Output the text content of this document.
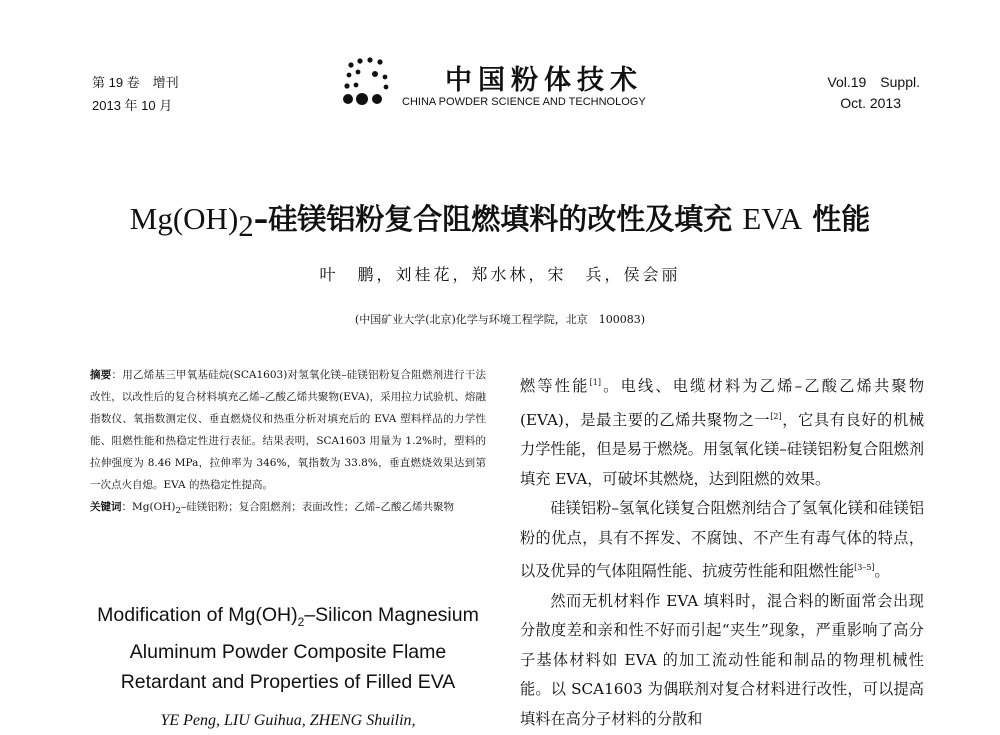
第 19 卷　增刊
2013 年 10 月
中国粉体技术
CHINA POWDER SCIENCE AND TECHNOLOGY
Vol.19　Suppl.
Oct. 2013
$Mg(OH)_2-$硅镁铝粉复合阻燃填料的改性及填充 EVA 性能
叶　鹏，刘桂花，郑水林，宋　兵，侯会丽
(中国矿业大学(北京)化学与环境工程学院，北京　100083)
摘要：用乙烯基三甲氧基硅烷(SCA1603)对氢氧化镁–硅镁铝粉复合阻燃剂进行干法改性，以改性后的复合材料填充乙烯–乙酸乙烯共聚物(EVA)，采用拉力试验机、熔融指数仪、氧指数测定仪、垂直燃烧仪和热重分析对填充后的 EVA 塑料样品的力学性能、阻燃性能和热稳定性进行表征。结果表明，SCA1603 用量为 1.2%时，塑料的拉伸强度为 8.46 MPa，拉伸率为 346%，氧指数为 33.8%，垂直燃烧效果达到第一次点火自熄。EVA 的热稳定性提高。
关键词：$Mg(OH)_2-$硅镁铝粉；复合阻燃剂；表面改性；乙烯–乙酸乙烯共聚物
Modification of $Mg(OH)_2$–Silicon Magnesium
Aluminum Powder Composite Flame
Retardant and Properties of Filled EVA
YE Peng, LIU Guihua, ZHENG Shuilin,

燃等性能[1]。电线、电缆材料为乙烯–乙酸乙烯共聚物(EVA)，是最主要的乙烯共聚物之一[2]，它具有良好的机械力学性能，但是易于燃烧。用氢氧化镁–硅镁铝粉复合阻燃剂填充 EVA，可破坏其燃烧，达到阻燃的效果。

硅镁铝粉–氢氧化镁复合阻燃剂结合了氢氧化镁和硅镁铝粉的优点，具有不挥发、不腐蚀、不产生有毒气体的特点，以及优异的气体阻隔性能、抗疲劳性能和阻燃性能[3–5]。

然而无机材料作 EVA 填料时，混合料的断面常会出现分散度差和亲和性不好而引起“夹生”现象，严重影响了高分子基体材料如 EVA 的加工流动性能和制品的物理机械性能。以 SCA1603 为偶联剂对复合材料进行改性，可以提高填料在高分子材料的分散和
